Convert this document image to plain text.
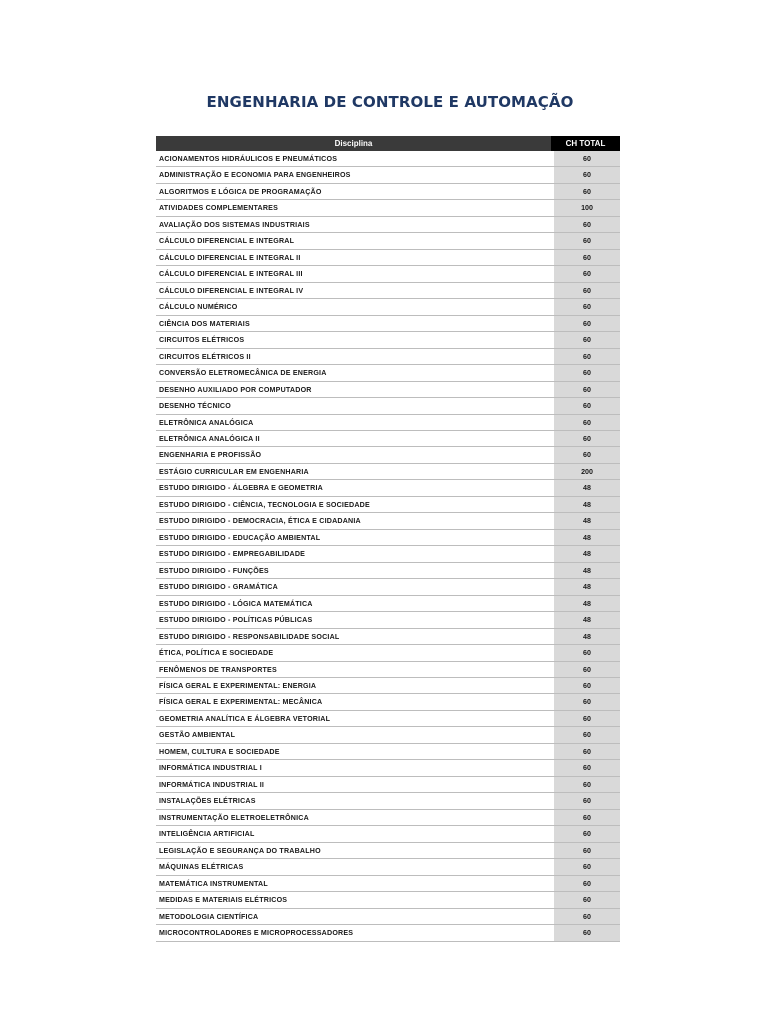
ENGENHARIA DE CONTROLE E AUTOMAÇÃO
Disciplina	CH TOTAL
ACIONAMENTOS HIDRÁULICOS E PNEUMÁTICOS	60
ADMINISTRAÇÃO E ECONOMIA PARA ENGENHEIROS	60
ALGORITMOS E LÓGICA DE PROGRAMAÇÃO	60
ATIVIDADES COMPLEMENTARES	100
AVALIAÇÃO DOS SISTEMAS INDUSTRIAIS	60
CÁLCULO DIFERENCIAL E INTEGRAL	60
CÁLCULO DIFERENCIAL E INTEGRAL II	60
CÁLCULO DIFERENCIAL E INTEGRAL III	60
CÁLCULO DIFERENCIAL E INTEGRAL IV	60
CÁLCULO NUMÉRICO	60
CIÊNCIA DOS MATERIAIS	60
CIRCUITOS ELÉTRICOS	60
CIRCUITOS ELÉTRICOS II	60
CONVERSÃO ELETROMECÂNICA DE ENERGIA	60
DESENHO AUXILIADO POR COMPUTADOR	60
DESENHO TÉCNICO	60
ELETRÔNICA ANALÓGICA	60
ELETRÔNICA ANALÓGICA II	60
ENGENHARIA E PROFISSÃO	60
ESTÁGIO CURRICULAR EM ENGENHARIA	200
ESTUDO DIRIGIDO - ÁLGEBRA E GEOMETRIA	48
ESTUDO DIRIGIDO - CIÊNCIA, TECNOLOGIA E SOCIEDADE	48
ESTUDO DIRIGIDO - DEMOCRACIA, ÉTICA E CIDADANIA	48
ESTUDO DIRIGIDO - EDUCAÇÃO AMBIENTAL	48
ESTUDO DIRIGIDO - EMPREGABILIDADE	48
ESTUDO DIRIGIDO - FUNÇÕES	48
ESTUDO DIRIGIDO - GRAMÁTICA	48
ESTUDO DIRIGIDO - LÓGICA MATEMÁTICA	48
ESTUDO DIRIGIDO - POLÍTICAS PÚBLICAS	48
ESTUDO DIRIGIDO - RESPONSABILIDADE SOCIAL	48
ÉTICA, POLÍTICA E SOCIEDADE	60
FENÔMENOS DE TRANSPORTES	60
FÍSICA GERAL E EXPERIMENTAL: ENERGIA	60
FÍSICA GERAL E EXPERIMENTAL: MECÂNICA	60
GEOMETRIA ANALÍTICA E ÁLGEBRA VETORIAL	60
GESTÃO AMBIENTAL	60
HOMEM, CULTURA E SOCIEDADE	60
INFORMÁTICA INDUSTRIAL I	60
INFORMÁTICA INDUSTRIAL II	60
INSTALAÇÕES ELÉTRICAS	60
INSTRUMENTAÇÃO ELETROELETRÔNICA	60
INTELIGÊNCIA ARTIFICIAL	60
LEGISLAÇÃO E SEGURANÇA DO TRABALHO	60
MÁQUINAS ELÉTRICAS	60
MATEMÁTICA INSTRUMENTAL	60
MEDIDAS E MATERIAIS ELÉTRICOS	60
METODOLOGIA CIENTÍFICA	60
MICROCONTROLADORES E MICROPROCESSADORES	60
